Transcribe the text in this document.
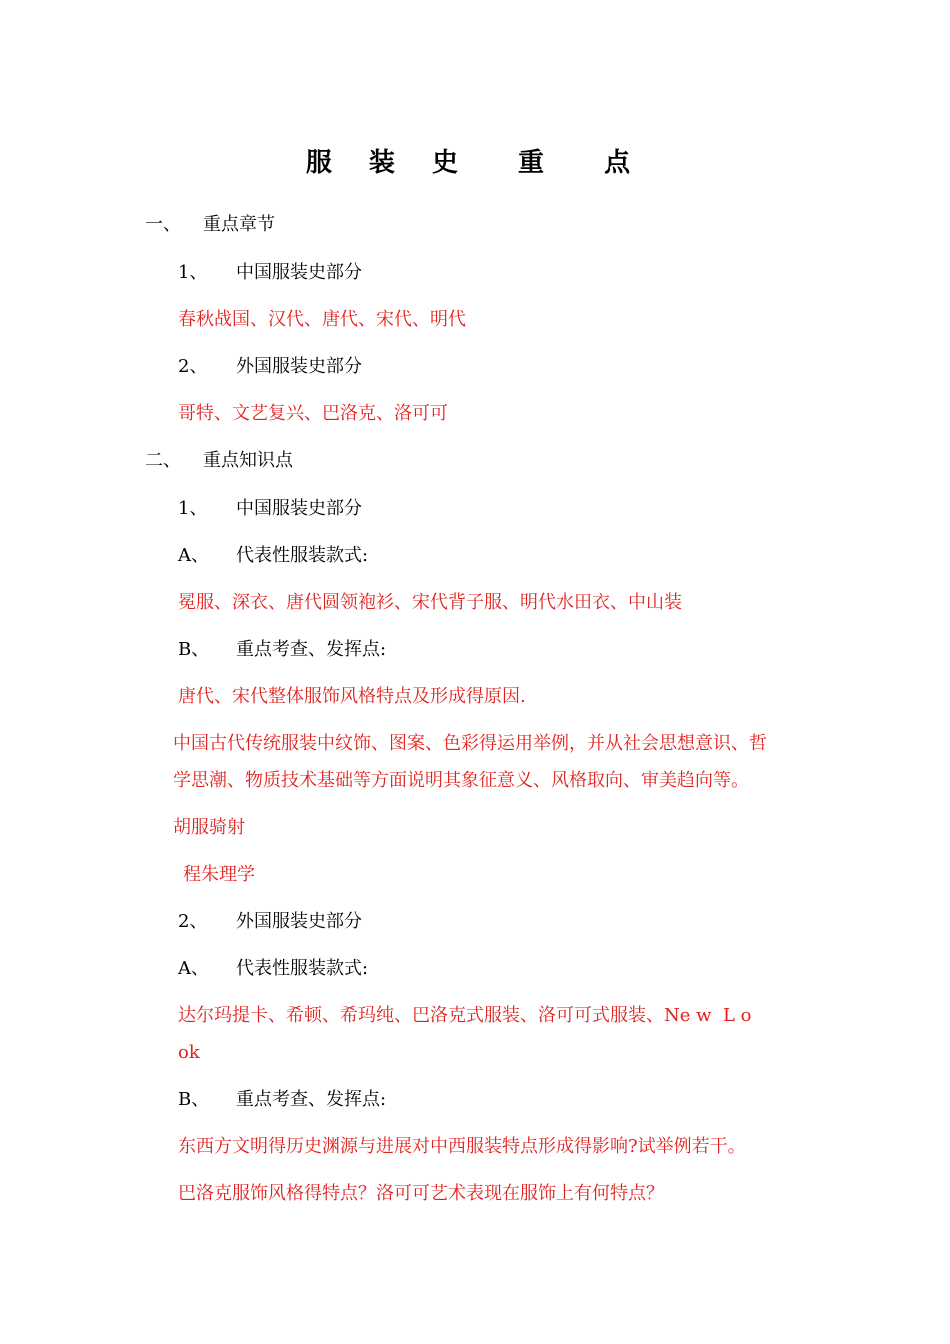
服 装 史  重  点
一、 重点章节
1、 中国服装史部分
春秋战国、汉代、唐代、宋代、明代
2、 外国服装史部分
哥特、文艺复兴、巴洛克、洛可可
二、 重点知识点
1、 中国服装史部分
A、 代表性服装款式:
冕服、深衣、唐代圆领袍衫、宋代背子服、明代水田衣、中山装
B、 重点考查、发挥点:
唐代、宋代整体服饰风格特点及形成得原因.
中国古代传统服装中纹饰、图案、色彩得运用举例，并从社会思想意识、哲
学思潮、物质技术基础等方面说明其象征意义、风格取向、审美趋向等。
胡服骑射
程朱理学
2、 外国服装史部分
A、 代表性服装款式:
达尔玛提卡、希顿、希玛纯、巴洛克式服装、洛可可式服装、Ne w  L o
ok
B、 重点考查、发挥点:
东西方文明得历史渊源与进展对中西服装特点形成得影响?试举例若干。
巴洛克服饰风格得特点？洛可可艺术表现在服饰上有何特点？
